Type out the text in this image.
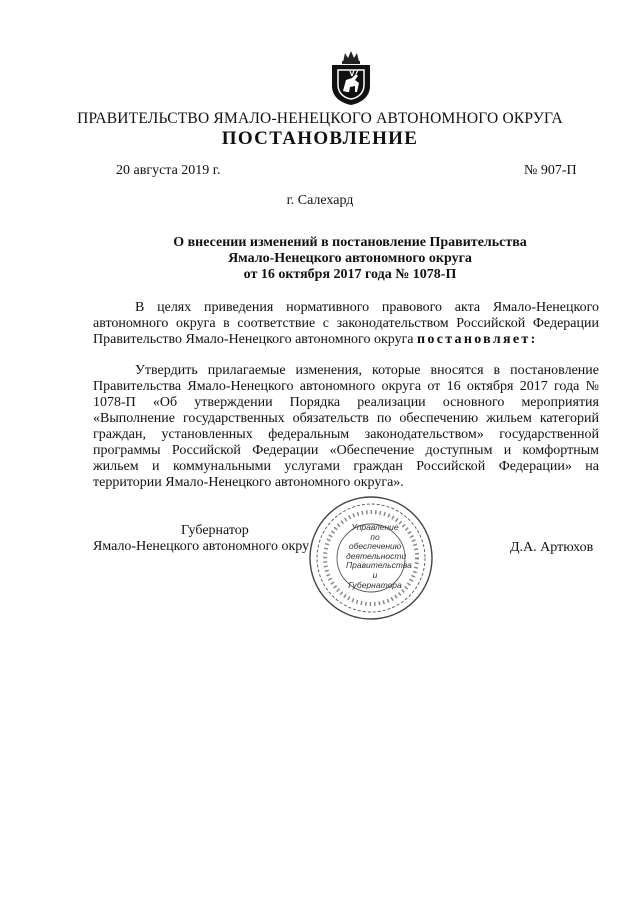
ПРАВИТЕЛЬСТВО ЯМАЛО-НЕНЕЦКОГО АВТОНОМНОГО ОКРУГА
ПОСТАНОВЛЕНИЕ
20 августа 2019 г.	№ 907-П
г. Салехард
О внесении изменений в постановление Правительства
Ямало-Ненецкого автономного округа
от 16 октября 2017 года № 1078-П
В целях приведения нормативного правового акта Ямало-Ненецкого автономного округа в соответствие с законодательством Российской Федерации Правительство Ямало-Ненецкого автономного округа постановляет:
Утвердить прилагаемые изменения, которые вносятся в постановление Правительства Ямало-Ненецкого автономного округа от 16 октября 2017 года № 1078-П «Об утверждении Порядка реализации основного мероприятия «Выполнение государственных обязательств по обеспечению жильем категорий граждан, установленных федеральным законодательством» государственной программы Российской Федерации «Обеспечение доступным и комфортным жильем и коммунальными услугами граждан Российской Федерации» на территории Ямало-Ненецкого автономного округа».
Губернатор
Ямало-Ненецкого автономного окру
Управление по
обеспечению
деятельности
Правительства
и Губернатора
Д.А. Артюхов
